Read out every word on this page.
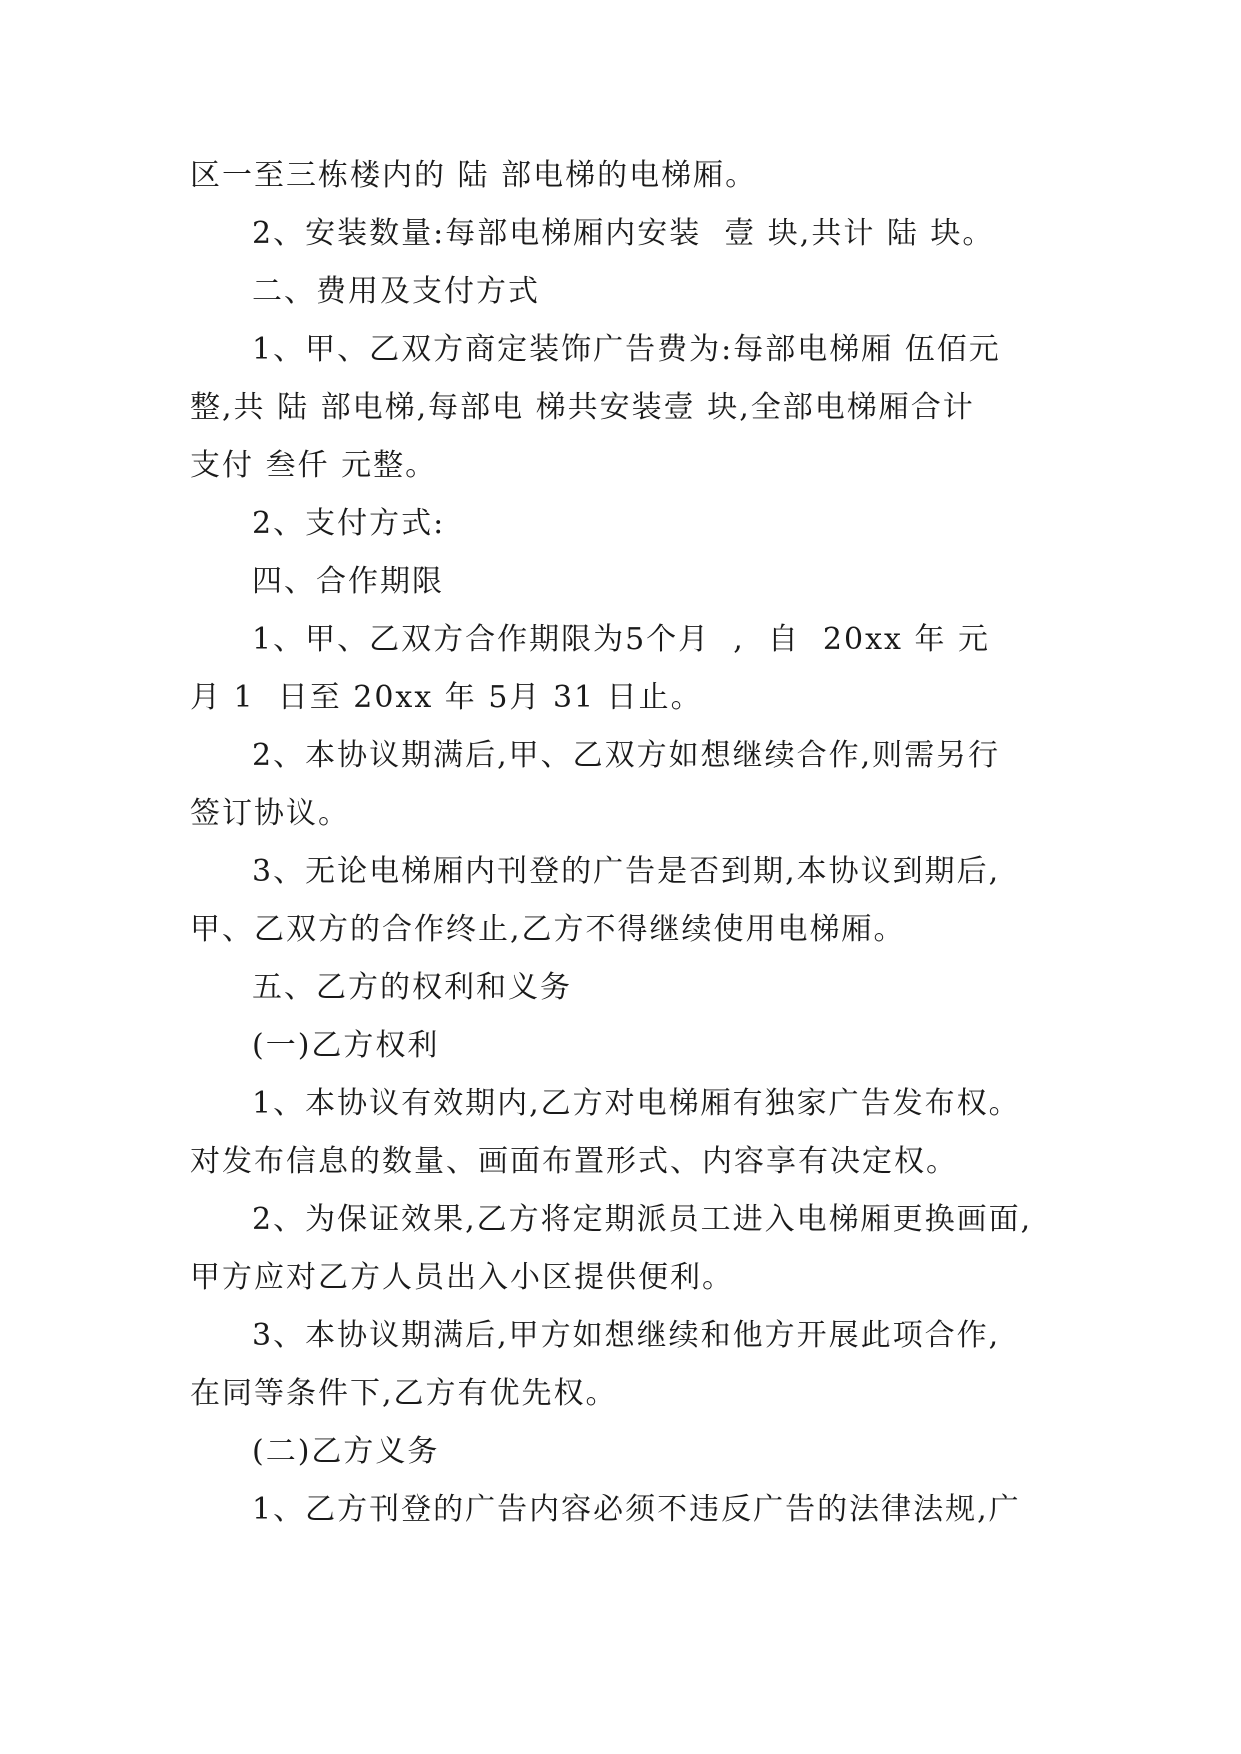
区一至三栋楼内的 陆 部电梯的电梯厢。
2、安装数量:每部电梯厢内安装  壹 块,共计 陆 块。
二、费用及支付方式
1、甲、乙双方商定装饰广告费为:每部电梯厢 伍佰元
整,共 陆 部电梯,每部电 梯共安装壹 块,全部电梯厢合计
支付 叁仟 元整。
2、支付方式:
四、合作期限
1、甲、乙双方合作期限为5个月  ,  自  20xx 年 元
月 1  日至 20xx 年 5月 31 日止。
2、本协议期满后,甲、乙双方如想继续合作,则需另行
签订协议。
3、无论电梯厢内刊登的广告是否到期,本协议到期后,
甲、乙双方的合作终止,乙方不得继续使用电梯厢。
五、乙方的权利和义务
(一)乙方权利
1、本协议有效期内,乙方对电梯厢有独家广告发布权。
对发布信息的数量、画面布置形式、内容享有决定权。
2、为保证效果,乙方将定期派员工进入电梯厢更换画面,
甲方应对乙方人员出入小区提供便利。
3、本协议期满后,甲方如想继续和他方开展此项合作,
在同等条件下,乙方有优先权。
(二)乙方义务
1、乙方刊登的广告内容必须不违反广告的法律法规,广
